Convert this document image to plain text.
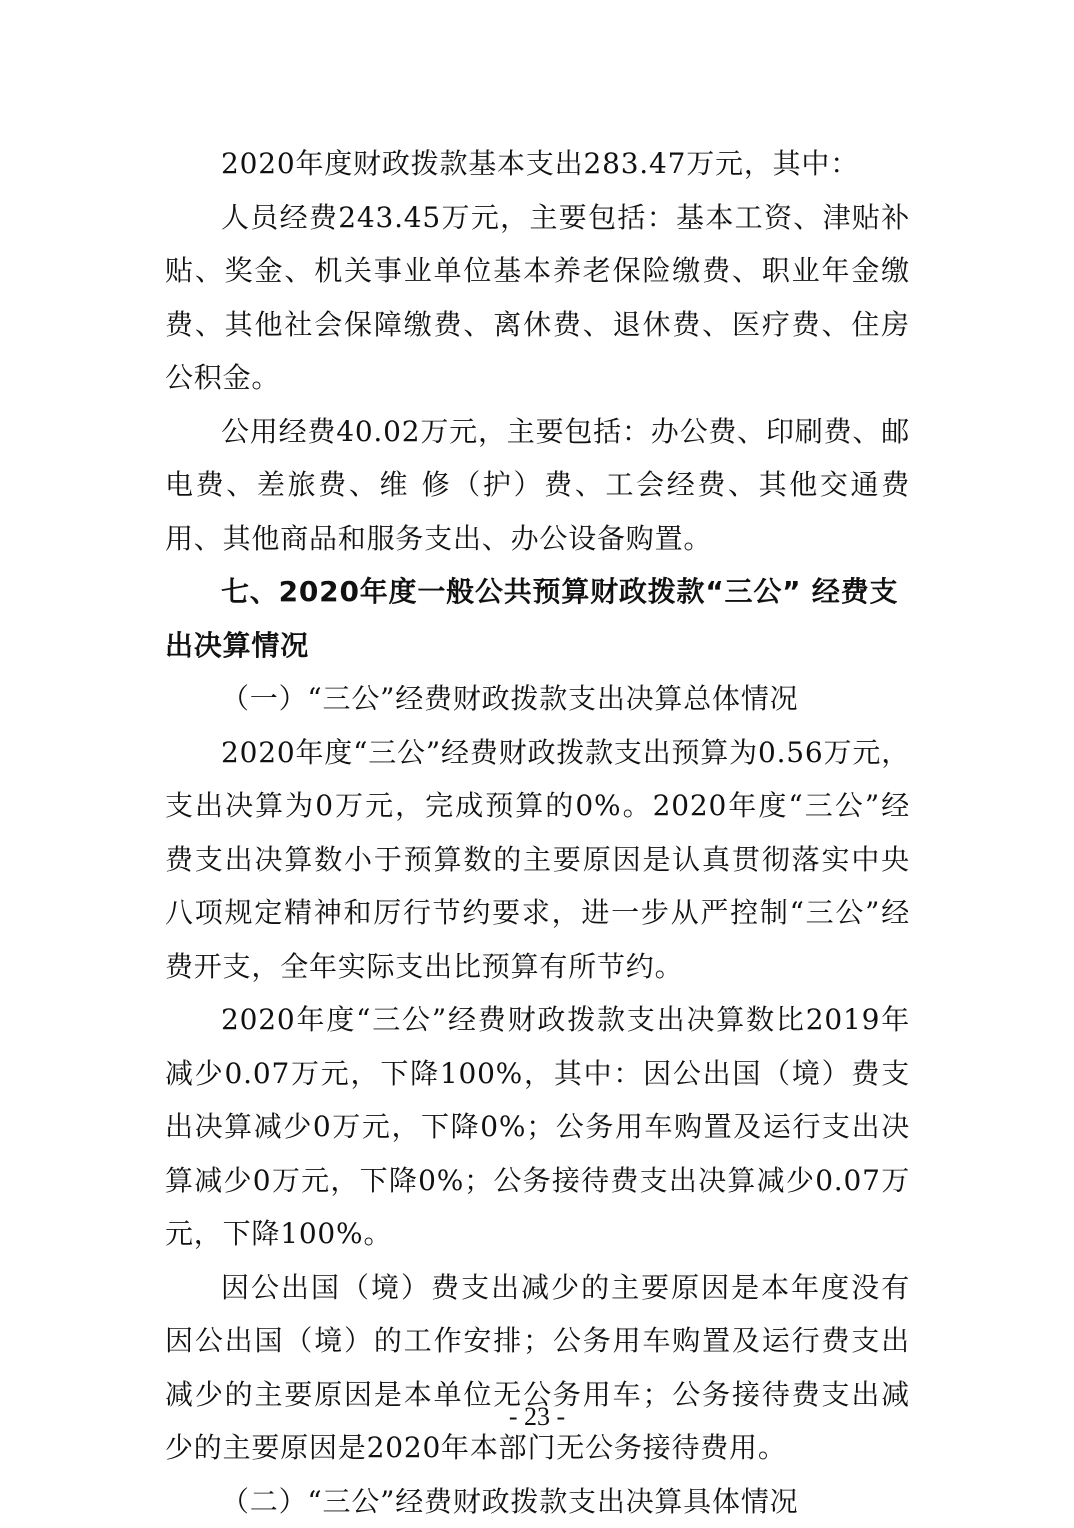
2020年度财政拨款基本支出283.47万元，其中：

人员经费243.45万元，主要包括：基本工资、津贴补贴、奖金、机关事业单位基本养老保险缴费、职业年金缴费、其他社会保障缴费、离休费、退休费、医疗费、住房公积金。

公用经费40.02万元，主要包括：办公费、印刷费、邮电费、差旅费、维 修（护）费、工会经费、其他交通费用、其他商品和服务支出、办公设备购置。

七、2020年度一般公共预算财政拨款“三公” 经费支出决算情况

（一）“三公”经费财政拨款支出决算总体情况

2020年度“三公”经费财政拨款支出预算为0.56万元，支出决算为0万元，完成预算的0%。2020年度“三公”经费支出决算数小于预算数的主要原因是认真贯彻落实中央八项规定精神和厉行节约要求，进一步从严控制“三公”经费开支，全年实际支出比预算有所节约。

2020年度“三公”经费财政拨款支出决算数比2019年减少0.07万元，下降100%，其中：因公出国（境）费支出决算减少0万元，下降0%；公务用车购置及运行支出决算减少0万元，下降0%；公务接待费支出决算减少0.07万元，下降100%。

因公出国（境）费支出减少的主要原因是本年度没有因公出国（境）的工作安排；公务用车购置及运行费支出减少的主要原因是本单位无公务用车；公务接待费支出减少的主要原因是2020年本部门无公务接待费用。

（二）“三公”经费财政拨款支出决算具体情况

- 23 -
